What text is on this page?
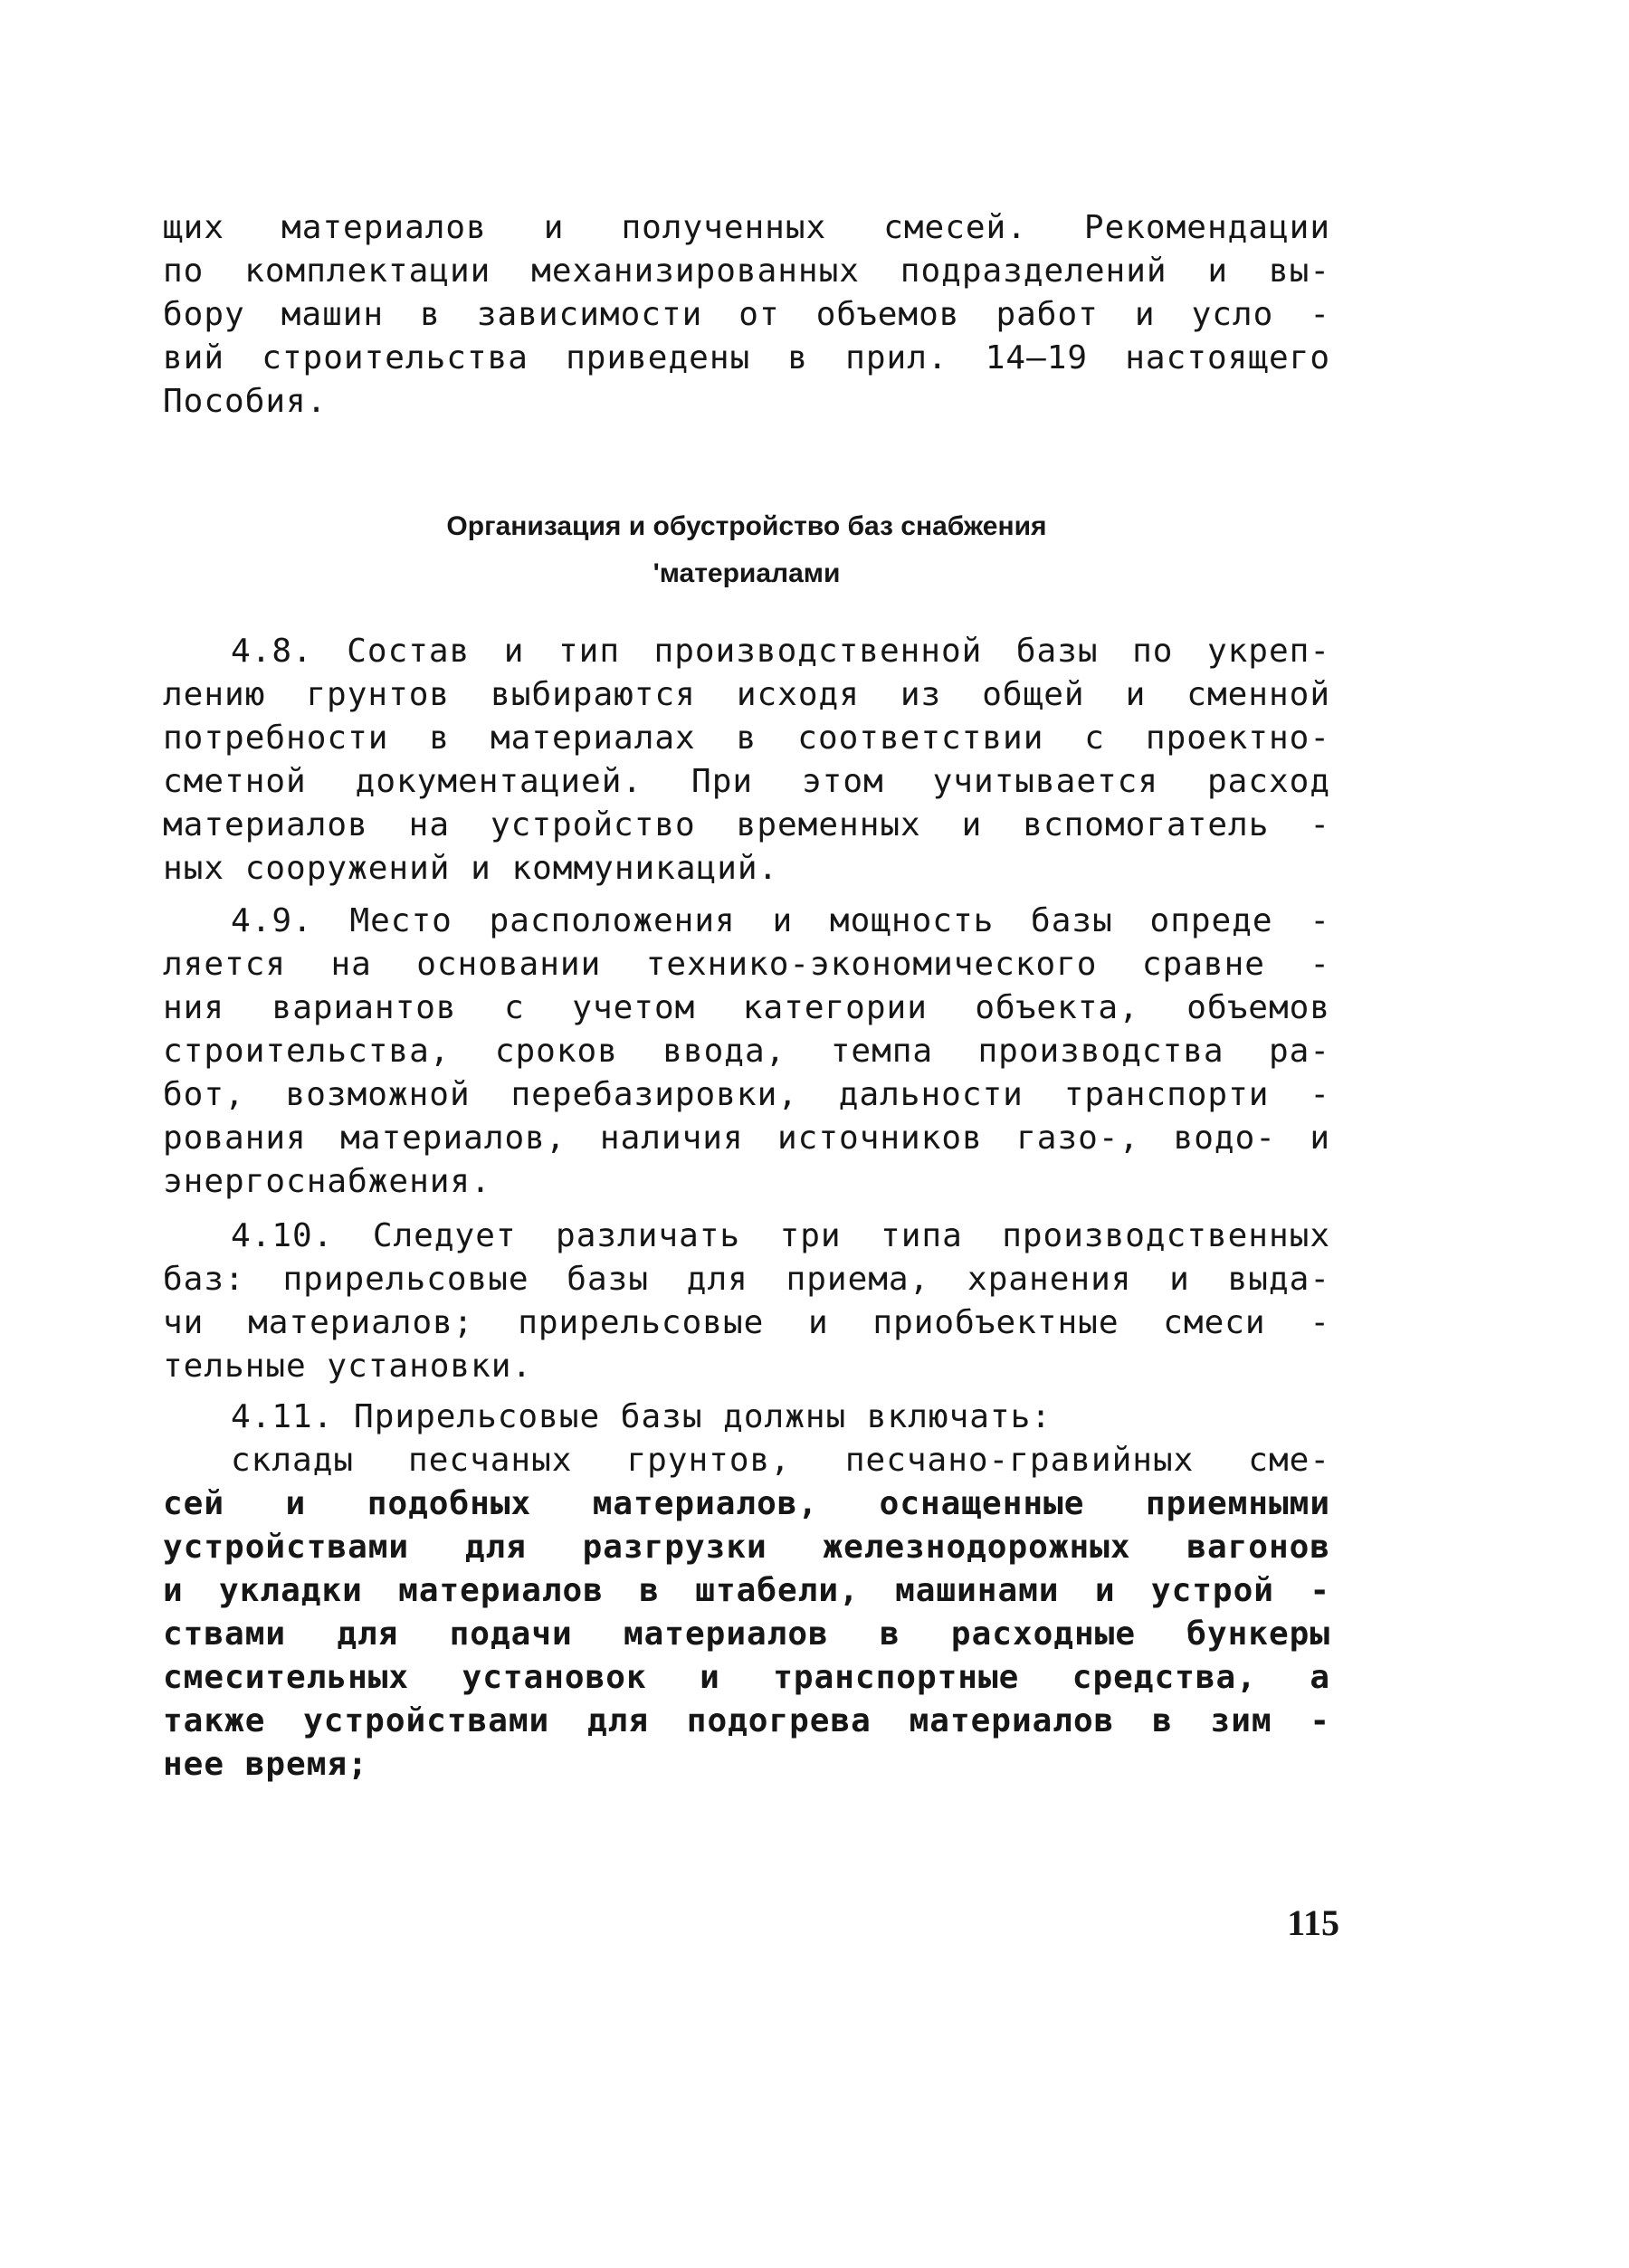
щих материалов и полученных смесей. Рекомендации
по комплектации механизированных подразделений и вы-
бору машин в зависимости от объемов работ и усло -
вий строительства приведены в прил. 14–19 настоящего
Пособия.
Организация и обустройство баз снабжения
'материалами
4.8. Состав и тип производственной базы по укреп-
лению грунтов выбираются исходя из общей и сменной
потребности в материалах в соответствии с проектно-
сметной документацией. При этом учитывается расход
материалов на устройство временных и вспомогатель -
ных сооружений и коммуникаций.
4.9. Место расположения и мощность базы опреде -
ляется на основании технико-экономического сравне -
ния вариантов с учетом категории объекта, объемов
строительства, сроков ввода, темпа производства ра-
бот, возможной перебазировки, дальности транспорти -
рования материалов, наличия источников газо-, водо- и
энергоснабжения.
4.10. Следует различать три типа производственных
баз: прирельсовые базы для приема, хранения и выда-
чи материалов; прирельсовые и приобъектные смеси -
тельные установки.
4.11. Прирельсовые базы должны включать:
склады песчаных грунтов, песчано-гравийных сме-
сей и подобных материалов, оснащенные приемными
устройствами для разгрузки железнодорожных вагонов
и укладки материалов в штабели, машинами и устрой -
ствами для подачи материалов в расходные бункеры
смесительных установок и транспортные средства, а
также устройствами для подогрева материалов в зим -
нее время;
115
